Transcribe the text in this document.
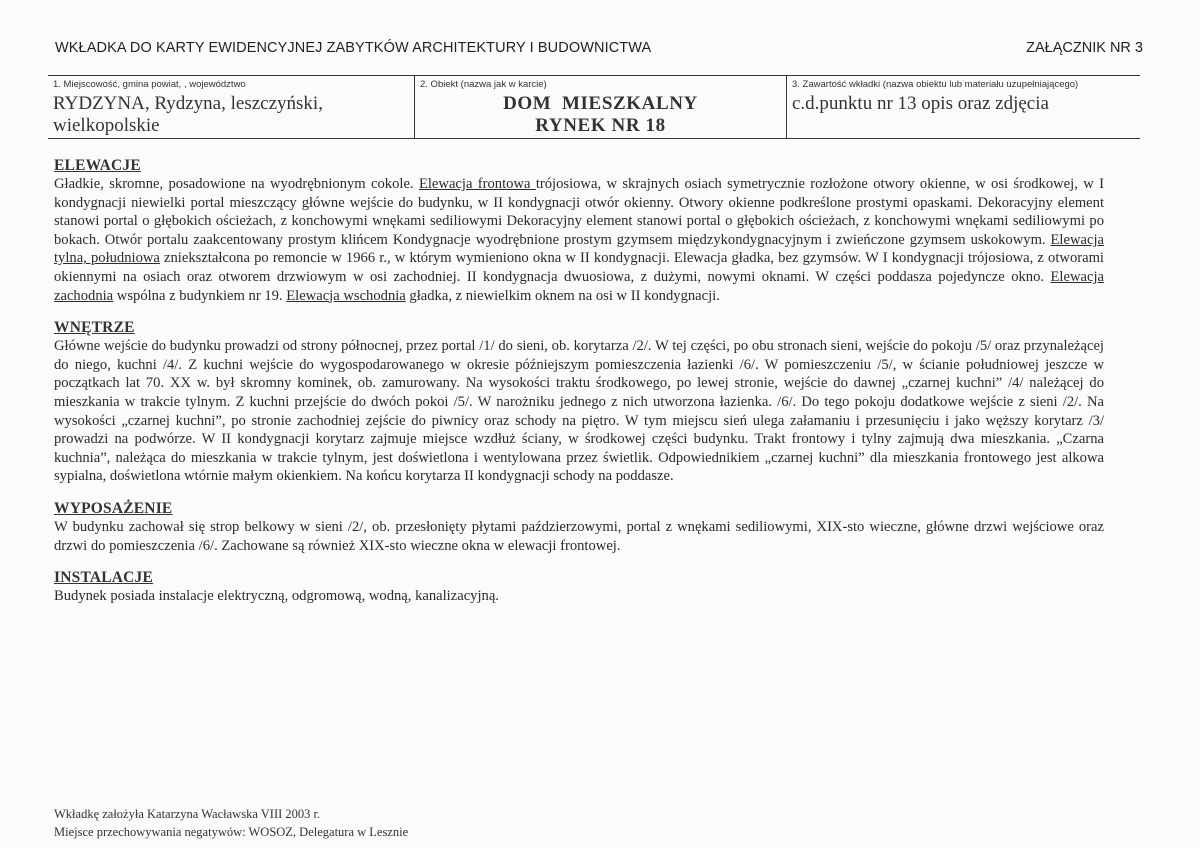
WKŁADKA DO KARTY EWIDENCYJNEJ ZABYTKÓW ARCHITEKTURY I BUDOWNICTWA	ZAŁĄCZNIK NR 3
1. Miejscowość, gmina powiat, , województwo
RYDZYNA, Rydzyna, leszczyński,
wielkopolskie
2. Obiekt (nazwa jak w karcie)
DOM  MIESZKALNY
RYNEK NR 18
3. Zawartość wkładki (nazwa obiektu lub materiału uzupełniającego)
c.d.punktu nr 13 opis oraz zdjęcia
ELEWACJE

Gładkie, skromne, posadowione na wyodrębnionym cokole. Elewacja frontowa trójosiowa, w skrajnych osiach symetrycznie rozłożone otwory okienne, w osi środkowej, w I kondygnacji niewielki portal mieszczący główne wejście do budynku, w II kondygnacji otwór okienny. Otwory okienne podkreślone prostymi opaskami. Dekoracyjny element stanowi portal o głębokich ościeżach, z konchowymi wnękami sediliowymi Dekoracyjny element stanowi portal o głębokich ościeżach, z konchowymi wnękami sediliowymi po bokach. Otwór portalu zaakcentowany prostym klińcem Kondygnacje wyodrębnione prostym gzymsem międzykondygnacyjnym i zwieńczone gzymsem uskokowym. Elewacja tylna, południowa zniekształcona po remoncie w 1966 r., w którym wymieniono okna w II kondygnacji. Elewacja gładka, bez gzymsów. W I kondygnacji trójosiowa, z otworami okiennymi na osiach oraz otworem drzwiowym w osi zachodniej. II kondygnacja dwuosiowa, z dużymi, nowymi oknami. W części poddasza pojedyncze okno. Elewacja zachodnia wspólna z budynkiem nr 19. Elewacja wschodnia gładka, z niewielkim oknem na osi w II kondygnacji.

WNĘTRZE

Główne wejście do budynku prowadzi od strony północnej, przez portal /1/ do sieni, ob. korytarza /2/. W tej części, po obu stronach sieni, wejście do pokoju /5/ oraz przynależącej do niego, kuchni /4/. Z kuchni wejście do wygospodarowanego w okresie późniejszym pomieszczenia łazienki /6/. W pomieszczeniu /5/, w ścianie południowej jeszcze w początkach lat 70. XX w. był skromny kominek, ob. zamurowany. Na wysokości traktu środkowego, po lewej stronie, wejście do dawnej „czarnej kuchni” /4/ należącej do mieszkania w trakcie tylnym. Z kuchni przejście do dwóch pokoi /5/. W narożniku jednego z nich utworzona łazienka. /6/. Do tego pokoju dodatkowe wejście z sieni /2/. Na wysokości „czarnej kuchni”, po stronie zachodniej zejście do piwnicy oraz schody na piętro. W tym miejscu sień ulega załamaniu i przesunięciu i jako węższy korytarz /3/ prowadzi na podwórze. W II kondygnacji korytarz zajmuje miejsce wzdłuż ściany, w środkowej części budynku. Trakt frontowy i tylny zajmują dwa mieszkania. „Czarna kuchnia”, należąca do mieszkania w trakcie tylnym, jest doświetlona i wentylowana przez świetlik. Odpowiednikiem „czarnej kuchni” dla mieszkania frontowego jest alkowa sypialna, doświetlona wtórnie małym okienkiem. Na końcu korytarza II kondygnacji schody na poddasze.

WYPOSAŻENIE

W budynku zachował się strop belkowy w sieni /2/, ob. przesłonięty płytami paździerzowymi, portal z wnękami sediliowymi, XIX-sto wieczne, główne drzwi wejściowe oraz drzwi do pomieszczenia /6/. Zachowane są również XIX-sto wieczne okna w elewacji frontowej.

INSTALACJE

Budynek posiada instalacje elektryczną, odgromową, wodną, kanalizacyjną.

Wkładkę założyła Katarzyna Wacławska VIII 2003 r.
Miejsce przechowywania negatywów: WOSOZ, Delegatura w Lesznie
